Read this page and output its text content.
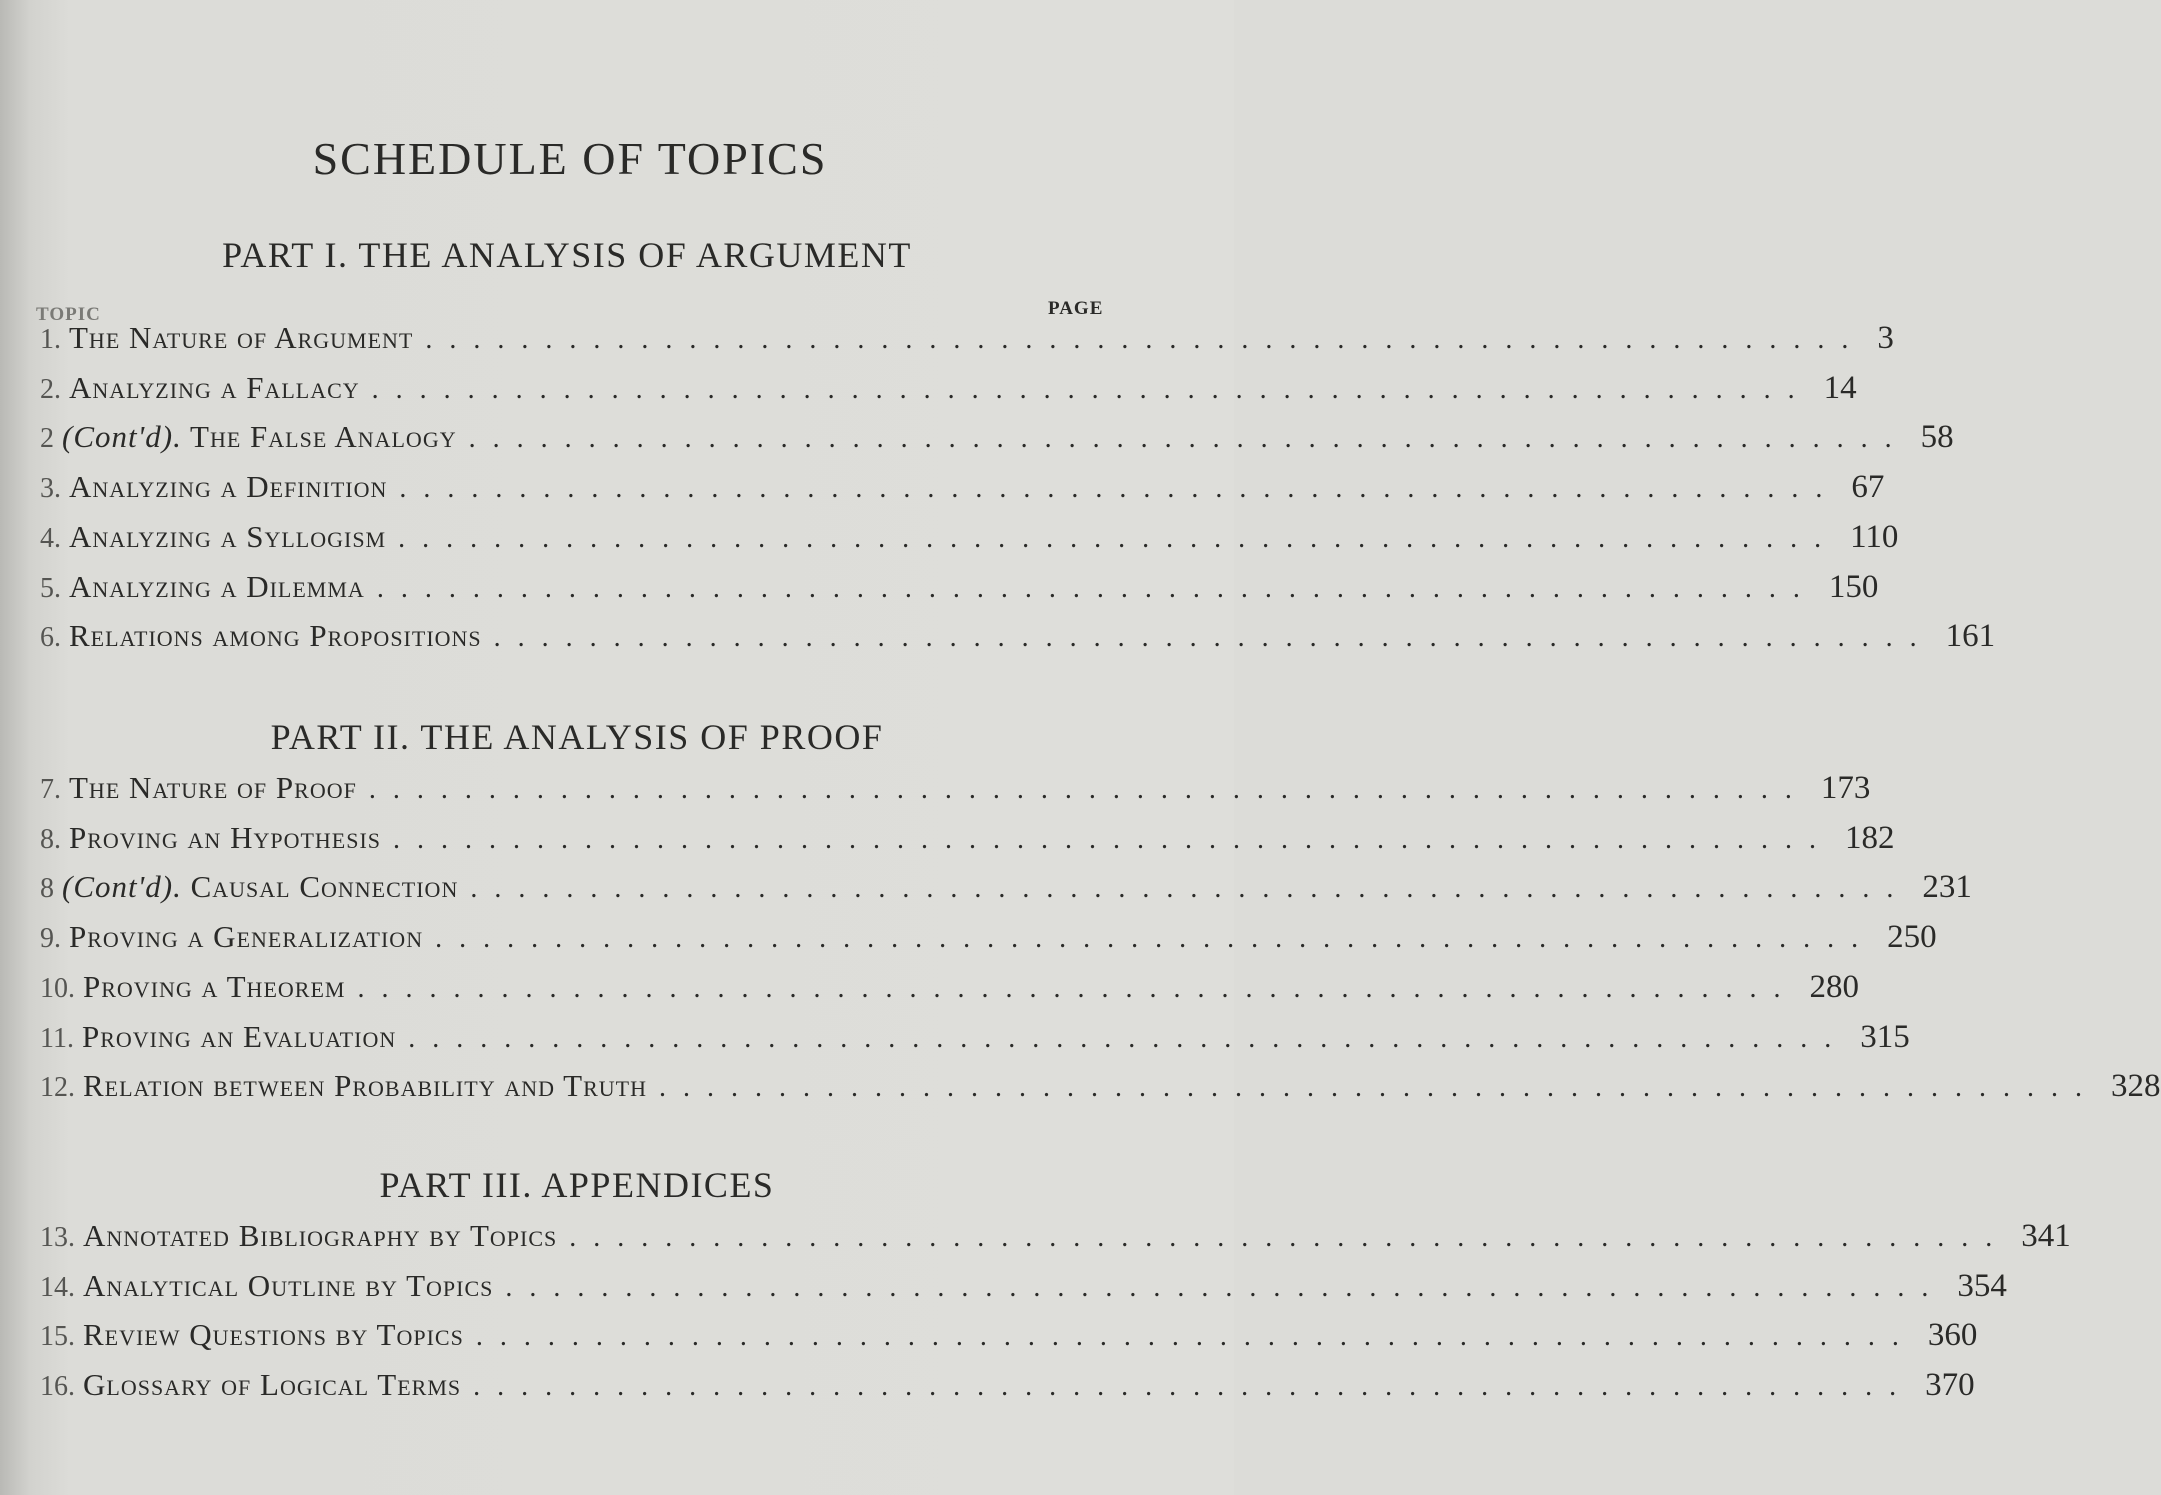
SCHEDULE OF TOPICS
PART I. THE ANALYSIS OF ARGUMENT
TOPIC	PAGE
1. The Nature of Argument ............................................................ 3
2. Analyzing a Fallacy ............................................................ 14
2 (Cont'd). The False Analogy ............................................................ 58
3. Analyzing a Definition ............................................................ 67
4. Analyzing a Syllogism ............................................................ 110
5. Analyzing a Dilemma ............................................................ 150
6. Relations among Propositions ............................................................ 161
PART II. THE ANALYSIS OF PROOF
7. The Nature of Proof ............................................................ 173
8. Proving an Hypothesis ............................................................ 182
8 (Cont'd). Causal Connection ............................................................ 231
9. Proving a Generalization ............................................................ 250
10. Proving a Theorem ............................................................ 280
11. Proving an Evaluation ............................................................ 315
12. Relation between Probability and Truth ............................................................ 328
PART III. APPENDICES
13. Annotated Bibliography by Topics ............................................................ 341
14. Analytical Outline by Topics ............................................................ 354
15. Review Questions by Topics ............................................................ 360
16. Glossary of Logical Terms ............................................................ 370
